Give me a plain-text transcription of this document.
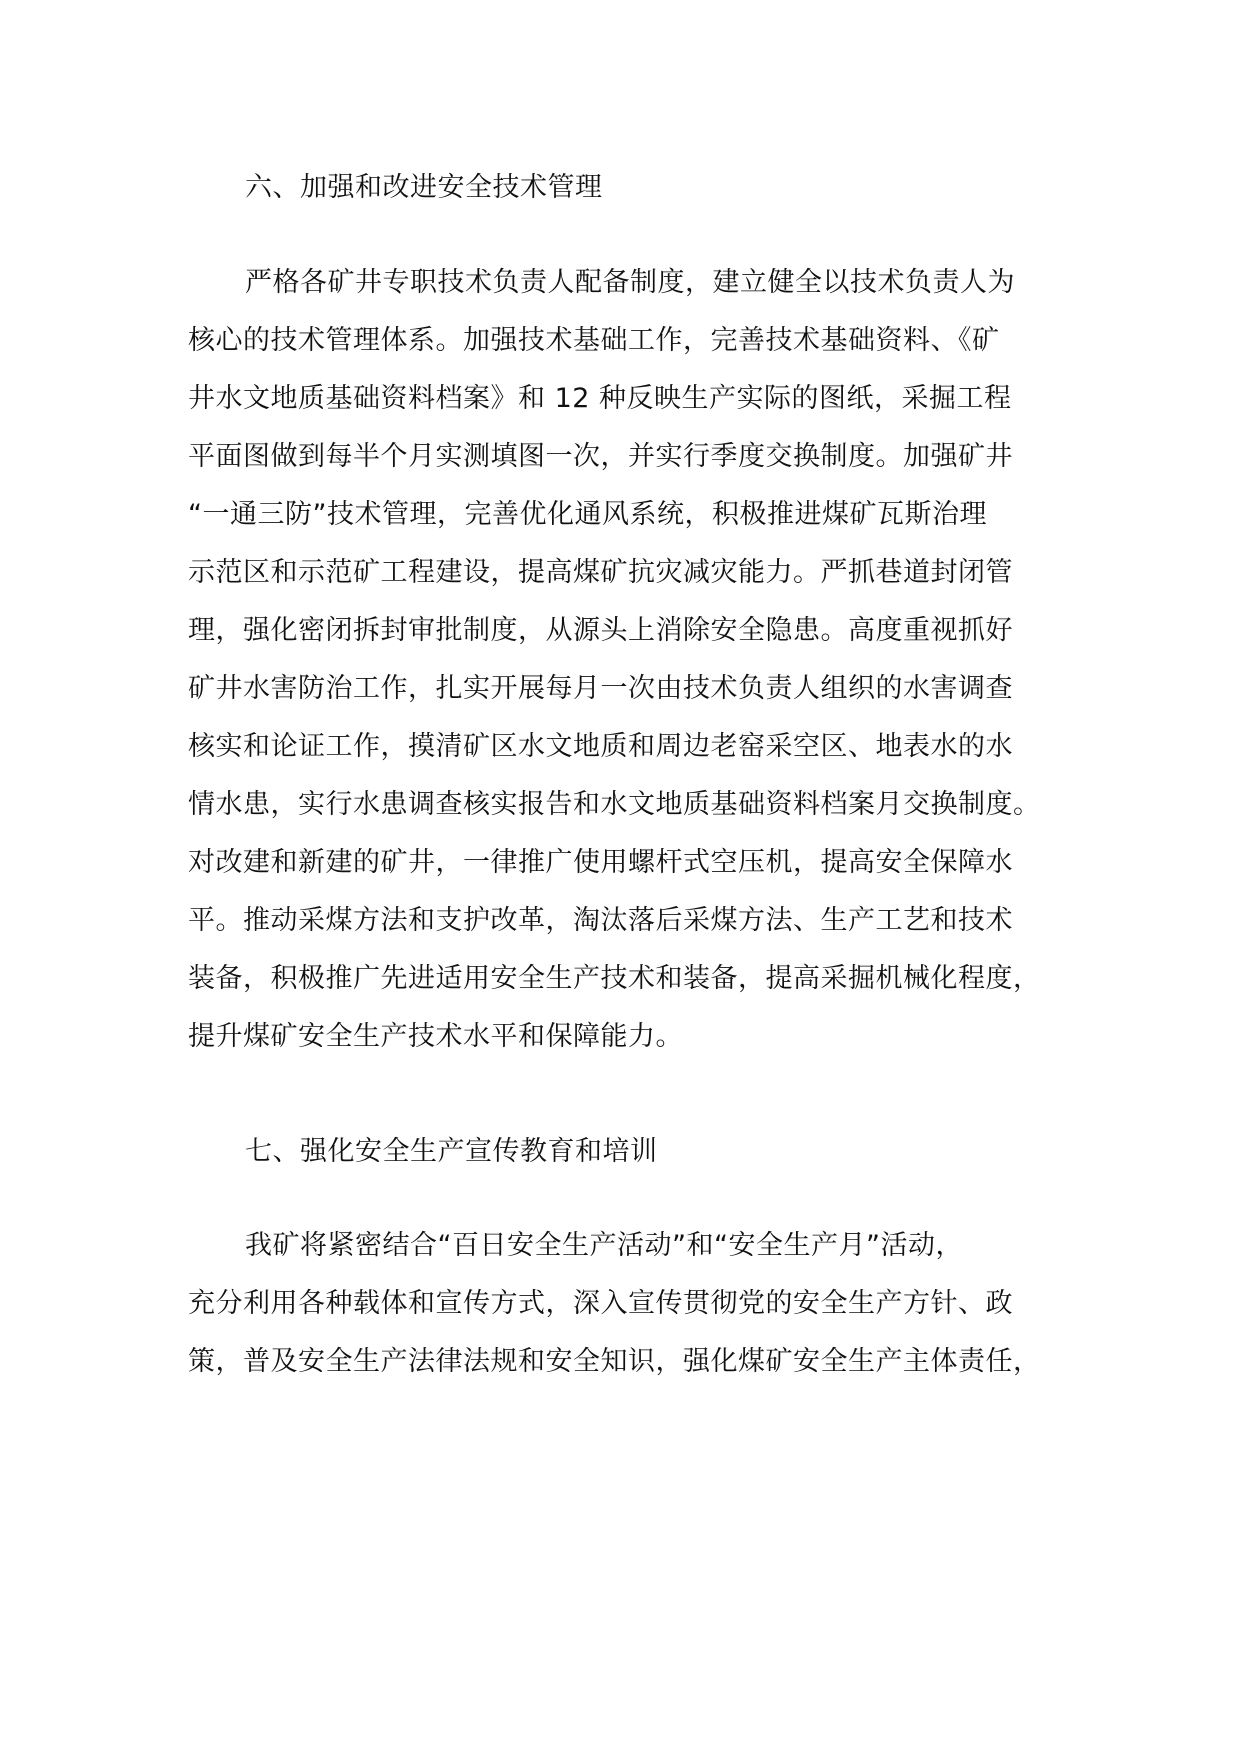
六、加强和改进安全技术管理
严格各矿井专职技术负责人配备制度，建立健全以技术负责人为
核心的技术管理体系。加强技术基础工作，完善技术基础资料、《矿
井水文地质基础资料档案》和 12 种反映生产实际的图纸，采掘工程
平面图做到每半个月实测填图一次，并实行季度交换制度。加强矿井
“一通三防”技术管理，完善优化通风系统，积极推进煤矿瓦斯治理
示范区和示范矿工程建设，提高煤矿抗灾减灾能力。严抓巷道封闭管
理，强化密闭拆封审批制度，从源头上消除安全隐患。高度重视抓好
矿井水害防治工作，扎实开展每月一次由技术负责人组织的水害调查
核实和论证工作，摸清矿区水文地质和周边老窑采空区、地表水的水
情水患，实行水患调查核实报告和水文地质基础资料档案月交换制度。
对改建和新建的矿井，一律推广使用螺杆式空压机，提高安全保障水
平。推动采煤方法和支护改革，淘汰落后采煤方法、生产工艺和技术
装备，积极推广先进适用安全生产技术和装备，提高采掘机械化程度，
提升煤矿安全生产技术水平和保障能力。
七、强化安全生产宣传教育和培训
我矿将紧密结合“百日安全生产活动”和“安全生产月”活动，
充分利用各种载体和宣传方式，深入宣传贯彻党的安全生产方针、政
策，普及安全生产法律法规和安全知识，强化煤矿安全生产主体责任，
